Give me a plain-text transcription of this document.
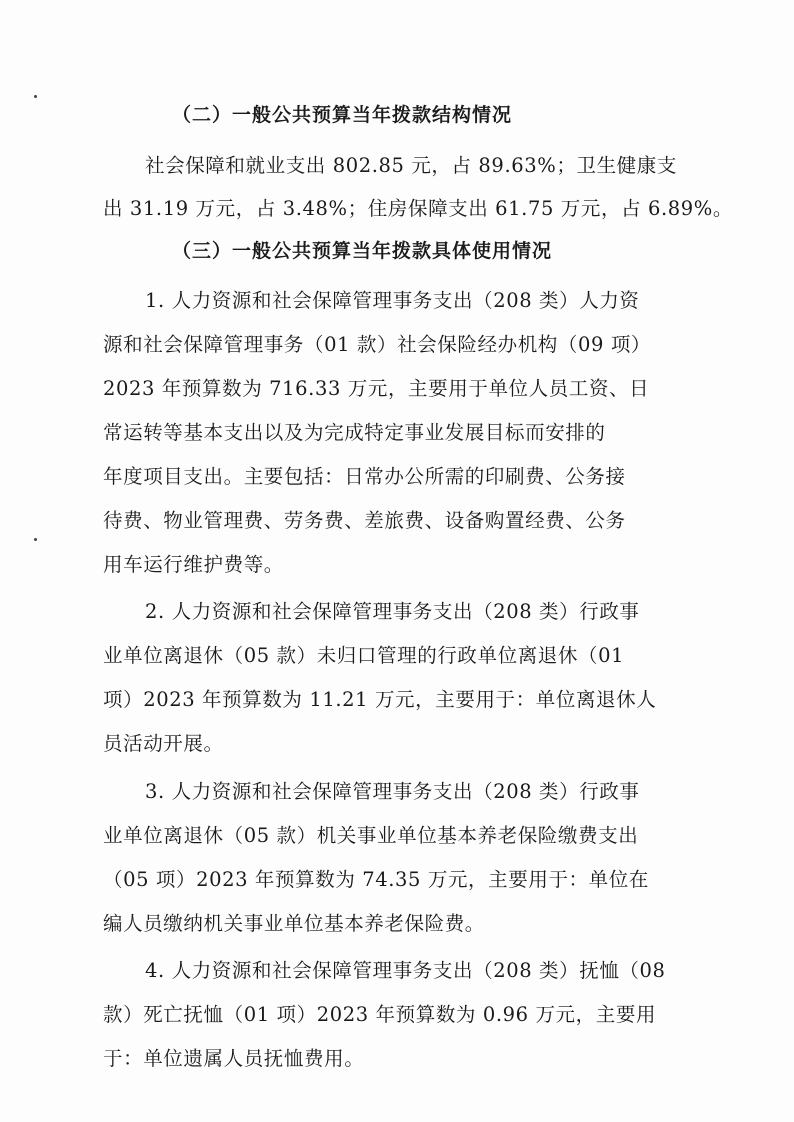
（二）一般公共预算当年拨款结构情况
社会保障和就业支出 802.85 元，占 89.63%；卫生健康支
出 31.19 万元，占 3.48%；住房保障支出 61.75 万元，占 6.89%。
（三）一般公共预算当年拨款具体使用情况
1. 人力资源和社会保障管理事务支出（208 类）人力资
源和社会保障管理事务（01 款）社会保险经办机构（09 项）
2023 年预算数为 716.33 万元，主要用于单位人员工资、日
常运转等基本支出以及为完成特定事业发展目标而安排的
年度项目支出。主要包括：日常办公所需的印刷费、公务接
待费、物业管理费、劳务费、差旅费、设备购置经费、公务
用车运行维护费等。
2. 人力资源和社会保障管理事务支出（208 类）行政事
业单位离退休（05 款）未归口管理的行政单位离退休（01
项）2023 年预算数为 11.21 万元，主要用于：单位离退休人
员活动开展。
3. 人力资源和社会保障管理事务支出（208 类）行政事
业单位离退休（05 款）机关事业单位基本养老保险缴费支出
（05 项）2023 年预算数为 74.35 万元，主要用于：单位在
编人员缴纳机关事业单位基本养老保险费。
4. 人力资源和社会保障管理事务支出（208 类）抚恤（08
款）死亡抚恤（01 项）2023 年预算数为 0.96 万元，主要用
于：单位遗属人员抚恤费用。
